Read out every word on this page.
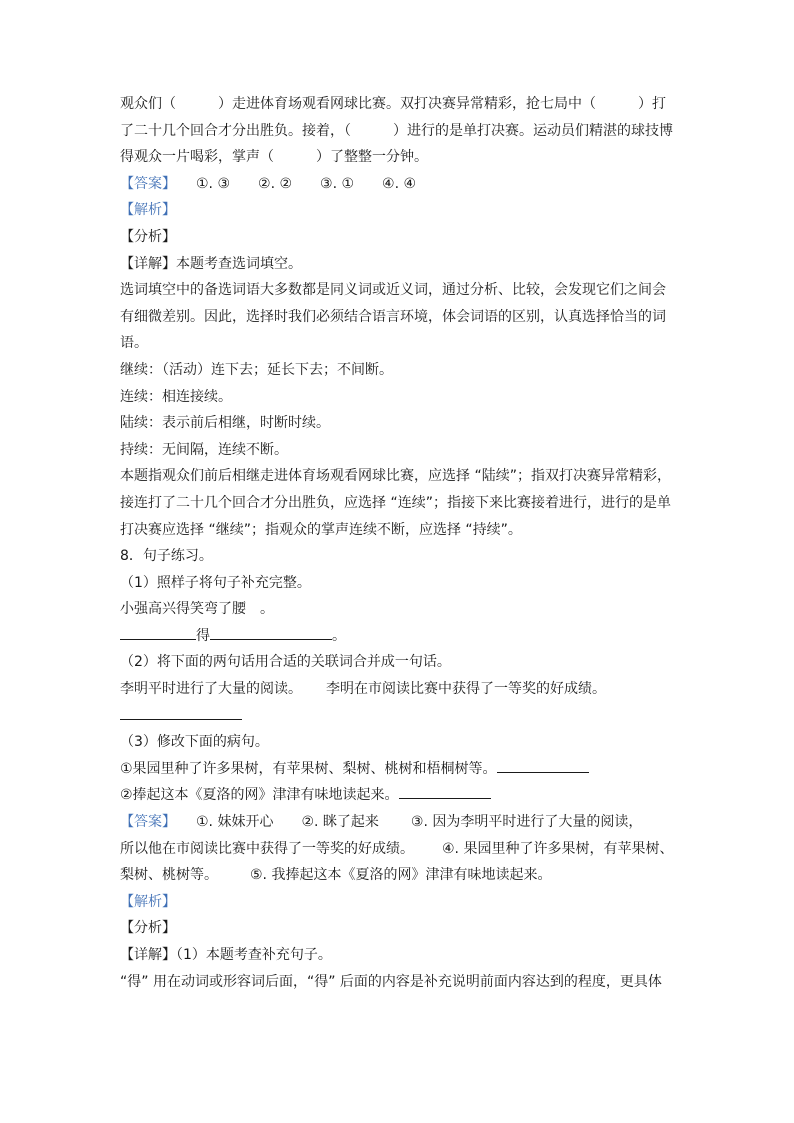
观众们（　　　）走进体育场观看网球比赛。双打决赛异常精彩，抢七局中（　　　）打
了二十几个回合才分出胜负。接着，（　　　）进行的是单打决赛。运动员们精湛的球技博
得观众一片喝彩，掌声（　　　）了整整一分钟。
【答案】 ①. ③ ②. ② ③. ① ④. ④
【解析】
【分析】
【详解】本题考查选词填空。
选词填空中的备选词语大多数都是同义词或近义词，通过分析、比较，会发现它们之间会
有细微差别。因此，选择时我们必须结合语言环境，体会词语的区别，认真选择恰当的词
语。
继续：（活动）连下去；延长下去；不间断。
连续：相连接续。
陆续：表示前后相继，时断时续。
持续：无间隔，连续不断。
本题指观众们前后相继走进体育场观看网球比赛，应选择 “陆续”；指双打决赛异常精彩，
接连打了二十几个回合才分出胜负，应选择 “连续”；指接下来比赛接着进行，进行的是单
打决赛应选择 “继续”；指观众的掌声连续不断，应选择 “持续”。
8．句子练习。
（1）照样子将句子补充完整。
小强高兴得笑弯了腰 。
得	。
（2）将下面的两句话用合适的关联词合并成一句话。
李明平时进行了大量的阅读。 李明在市阅读比赛中获得了一等奖的好成绩。
（3）修改下面的病句。
①果园里种了许多果树，有苹果树、梨树、桃树和梧桐树等。
②捧起这本《夏洛的网》津津有味地读起来。
【答案】 ①. 妹妹开心 ②. 眯了起来 ③. 因为李明平时进行了大量的阅读，
所以他在市阅读比赛中获得了一等奖的好成绩。 ④. 果园里种了许多果树，有苹果树、
梨树、桃树等。 ⑤. 我捧起这本《夏洛的网》津津有味地读起来。
【解析】
【分析】
【详解】（1）本题考查补充句子。
“得” 用在动词或形容词后面，“得” 后面的内容是补充说明前面内容达到的程度，更具体
